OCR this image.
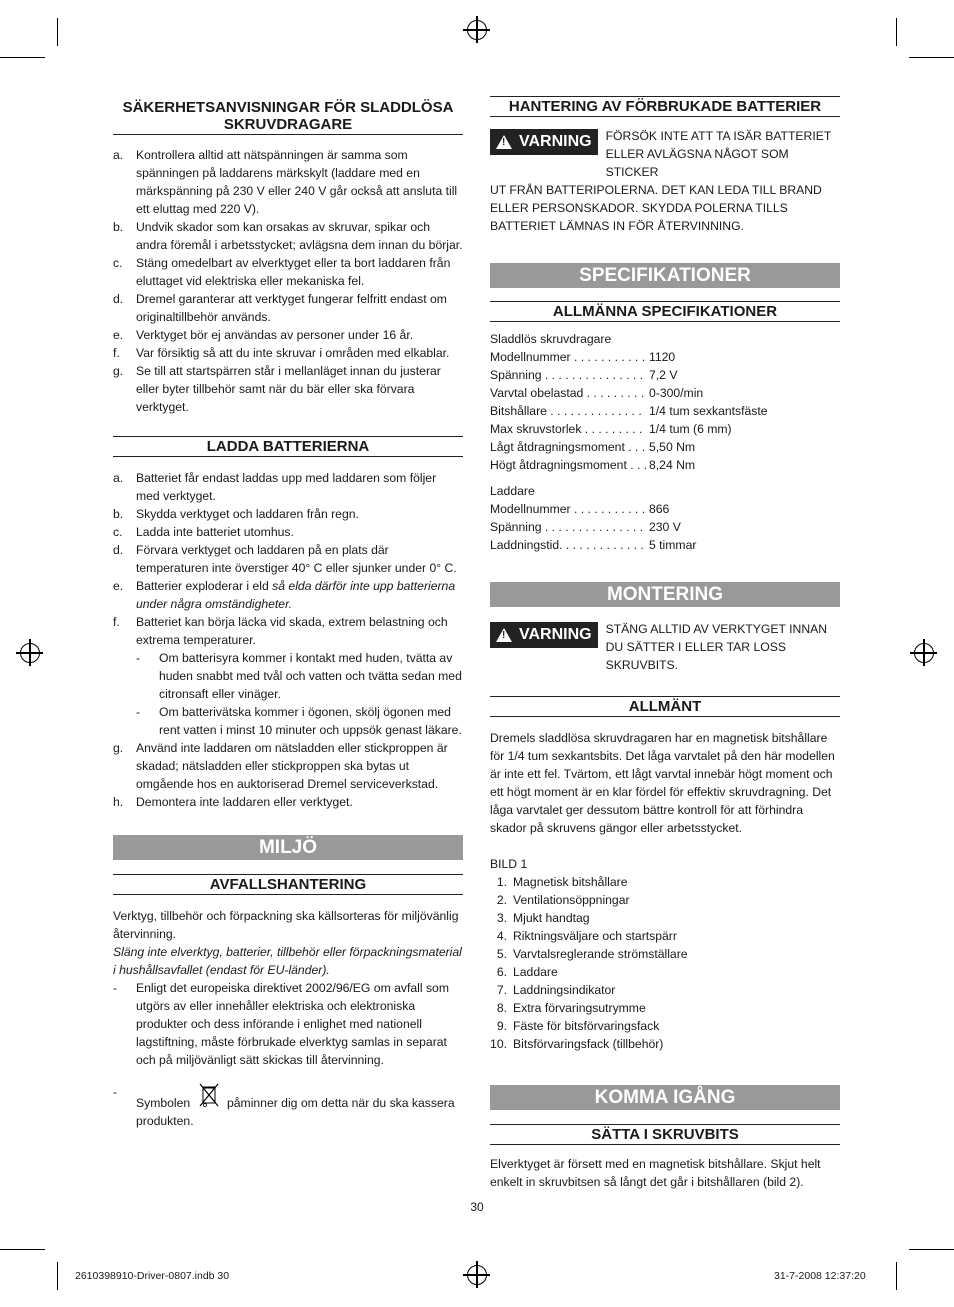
SÄKERHETSANVISNINGAR FÖR SLADDLÖSA SKRUVDRAGARE
a.	Kontrollera alltid att nätspänningen är samma som spänningen på laddarens märkskylt (laddare med en märkspänning på 230 V eller 240 V går också att ansluta till ett eluttag med 220 V).
b.	Undvik skador som kan orsakas av skruvar, spikar och andra föremål i arbetsstycket; avlägsna dem innan du börjar.
c.	Stäng omedelbart av elverktyget eller ta bort laddaren från eluttaget vid elektriska eller mekaniska fel.
d.	Dremel garanterar att verktyget fungerar felfritt endast om originaltillbehör används.
e.	Verktyget bör ej användas av personer under 16 år.
f.	Var försiktig så att du inte skruvar i områden med elkablar.
g.	Se till att startspärren står i mellanläget innan du justerar eller byter tillbehör samt när du bär eller ska förvara verktyget.
LADDA BATTERIERNA
a.	Batteriet får endast laddas upp med laddaren som följer med verktyget.
b.	Skydda verktyget och laddaren från regn.
c.	Ladda inte batteriet utomhus.
d.	Förvara verktyget och laddaren på en plats där temperaturen inte överstiger 40° C eller sjunker under 0° C.
e.	Batterier exploderar i eld så elda därför inte upp batterierna under några omständigheter.
f.	Batteriet kan börja läcka vid skada, extrem belastning och extrema temperaturer.
-	Om batterisyra kommer i kontakt med huden, tvätta av huden snabbt med tvål och vatten och tvätta sedan med citronsaft eller vinäger.
-	Om batterivätska kommer i ögonen, skölj ögonen med rent vatten i minst 10 minuter och uppsök genast läkare.
g.	Använd inte laddaren om nätsladden eller stickproppen är skadad; nätsladden eller stickproppen ska bytas ut omgående hos en auktoriserad Dremel serviceverkstad.
h.	Demontera inte laddaren eller verktyget.
MILJÖ
AVFALLSHANTERING
Verktyg, tillbehör och förpackning ska källsorteras för miljövänlig återvinning.
Släng inte elverktyg, batterier, tillbehör eller förpackningsmaterial i hushållsavfallet (endast för EU-länder).
-	Enligt det europeiska direktivet 2002/96/EG om avfall som utgörs av eller innehåller elektriska och elektroniska produkter och dess införande i enlighet med nationell lagstiftning, måste förbrukade elverktyg samlas in separat och på miljövänligt sätt skickas till återvinning.
-
Symbolen	påminner dig om detta när du ska kassera produkten.
HANTERING AV FÖRBRUKADE BATTERIER
!
VARNING FÖRSÖK INTE ATT TA ISÄR BATTERIET ELLER AVLÄGSNA NÅGOT SOM STICKER
UT FRÅN BATTERIPOLERNA. DET KAN LEDA TILL BRAND ELLER PERSONSKADOR. SKYDDA POLERNA TILLS BATTERIET LÄMNAS IN FÖR ÅTERVINNING.
SPECIFIKATIONER
ALLMÄNNA SPECIFIKATIONER
Sladdlös skruvdragare
Modellnummer . . . . . . . . . . . 1120
Spänning . . . . . . . . . . . . . . . 7,2 V
Varvtal obelastad . . . . . . . . . 0-300/min
Bitshållare . . . . . . . . . . . . . . 1/4 tum sexkantsfäste
Max skruvstorlek . . . . . . . . . 1/4 tum (6 mm)
Lågt åtdragningsmoment . . . 5,50 Nm
Högt åtdragningsmoment . . . 8,24 Nm
Laddare
Modellnummer . . . . . . . . . . . 866
Spänning . . . . . . . . . . . . . . . 230 V
Laddningstid. . . . . . . . . . . . . 5 timmar
MONTERING
!
VARNING STÄNG ALLTID AV VERKTYGET INNAN DU SÄTTER I ELLER TAR LOSS SKRUVBITS.
ALLMÄNT
Dremels sladdlösa skruvdragaren har en magnetisk bitshållare för 1/4 tum sexkantsbits. Det låga varvtalet på den här modellen är inte ett fel. Tvärtom, ett lågt varvtal innebär högt moment och ett högt moment är en klar fördel för effektiv skruvdragning. Det låga varvtalet ger dessutom bättre kontroll för att förhindra skador på skruvens gängor eller arbetsstycket.
BILD 1
1. Magnetisk bitshållare
2. Ventilationsöppningar
3. Mjukt handtag
4. Riktningsväljare och startspärr
5. Varvtalsreglerande strömställare
6. Laddare
7. Laddningsindikator
8. Extra förvaringsutrymme
9. Fäste för bitsförvaringsfack
10. Bitsförvaringsfack (tillbehör)
KOMMA IGÅNG
SÄTTA I SKRUVBITS
Elverktyget är försett med en magnetisk bitshållare. Skjut helt enkelt in skruvbitsen så långt det går i bitshållaren (bild 2).
30
2610398910-Driver-0807.indb 30	31-7-2008 12:37:20
